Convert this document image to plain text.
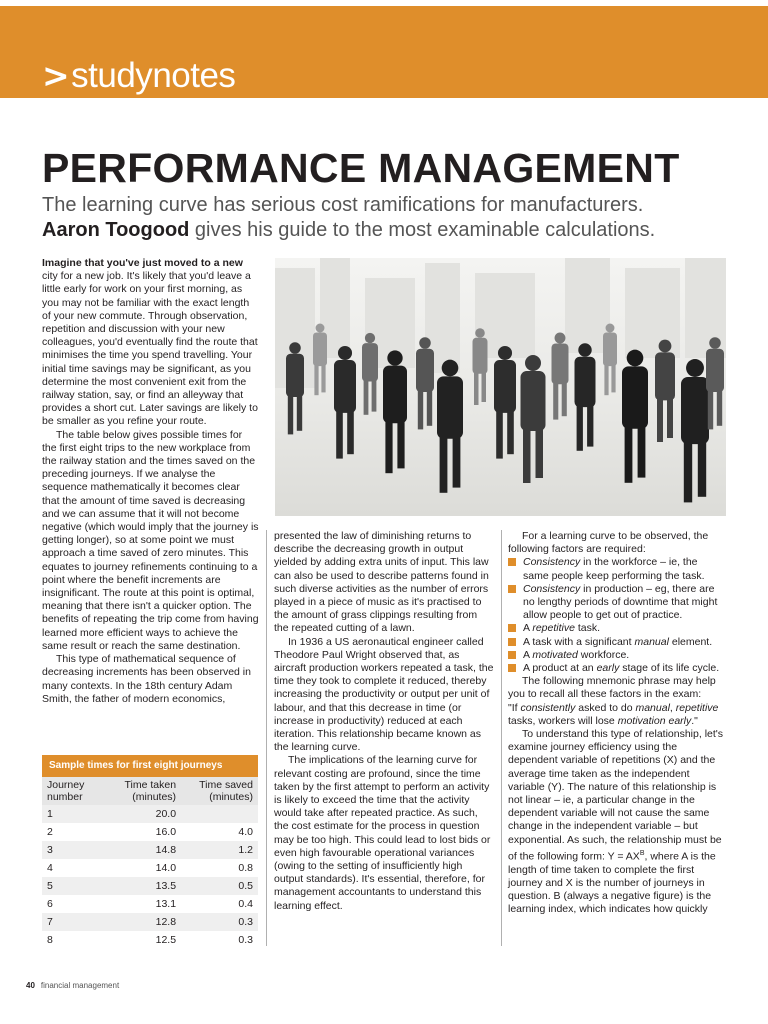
>studynotes
PERFORMANCE MANAGEMENT

The learning curve has serious cost ramifications for manufacturers.
Aaron Toogood gives his guide to the most examinable calculations.

Imagine that you've just moved to a new city for a new job. It's likely that you'd leave a little early for work on your first morning, as you may not be familiar with the exact length of your new commute. Through observation, repetition and discussion with your new colleagues, you'd eventually find the route that minimises the time you spend travelling. Your initial time savings may be significant, as you determine the most convenient exit from the railway station, say, or find an alleyway that provides a short cut. Later savings are likely to be smaller as you refine your route.

The table below gives possible times for the first eight trips to the new workplace from the railway station and the times saved on the preceding journeys. If we analyse the sequence mathematically it becomes clear that the amount of time saved is decreasing and we can assume that it will not become negative (which would imply that the journey is getting longer), so at some point we must approach a time saved of zero minutes. This equates to journey refinements continuing to a point where the benefit increments are insignificant. The route at this point is optimal, meaning that there isn't a quicker option. The benefits of repeating the trip come from having learned more efficient ways to achieve the same result or reach the same destination.

This type of mathematical sequence of decreasing increments has been observed in many contexts. In the 18th century Adam Smith, the father of modern economics,

Sample times for first eight journeys
Journey number	Time taken (minutes)	Time saved (minutes)
1	20.0	
2	16.0	4.0
3	14.8	1.2
4	14.0	0.8
5	13.5	0.5
6	13.1	0.4
7	12.8	0.3
8	12.5	0.3

presented the law of diminishing returns to describe the decreasing growth in output yielded by adding extra units of input. This law can also be used to describe patterns found in such diverse activities as the number of errors played in a piece of music as it's practised to the amount of grass clippings resulting from the repeated cutting of a lawn.

In 1936 a US aeronautical engineer called Theodore Paul Wright observed that, as aircraft production workers repeated a task, the time they took to complete it reduced, thereby increasing the productivity or output per unit of labour, and that this decrease in time (or increase in productivity) reduced at each iteration. This relationship became known as the learning curve.

The implications of the learning curve for relevant costing are profound, since the time taken by the first attempt to perform an activity is likely to exceed the time that the activity would take after repeated practice. As such, the cost estimate for the process in question may be too high. This could lead to lost bids or even high favourable operational variances (owing to the setting of insufficiently high output standards). It's essential, therefore, for management accountants to understand this learning effect.

For a learning curve to be observed, the following factors are required:

Consistency in the workforce – ie, the same people keep performing the task.
Consistency in production – eg, there are no lengthy periods of downtime that might allow people to get out of practice.
A repetitive task.
A task with a significant manual element.
A motivated workforce.
A product at an early stage of its life cycle.

The following mnemonic phrase may help you to recall all these factors in the exam:

"If consistently asked to do manual, repetitive tasks, workers will lose motivation early."

To understand this type of relationship, let's examine journey efficiency using the dependent variable of repetitions (X) and the average time taken as the independent variable (Y). The nature of this relationship is not linear – ie, a particular change in the dependent variable will not cause the same change in the independent variable – but exponential. As such, the relationship must be of the following form: $Y = AX^B$, where A is the length of time taken to complete the first journey and X is the number of journeys in question. B (always a negative figure) is the learning index, which indicates how quickly

40 financial management
